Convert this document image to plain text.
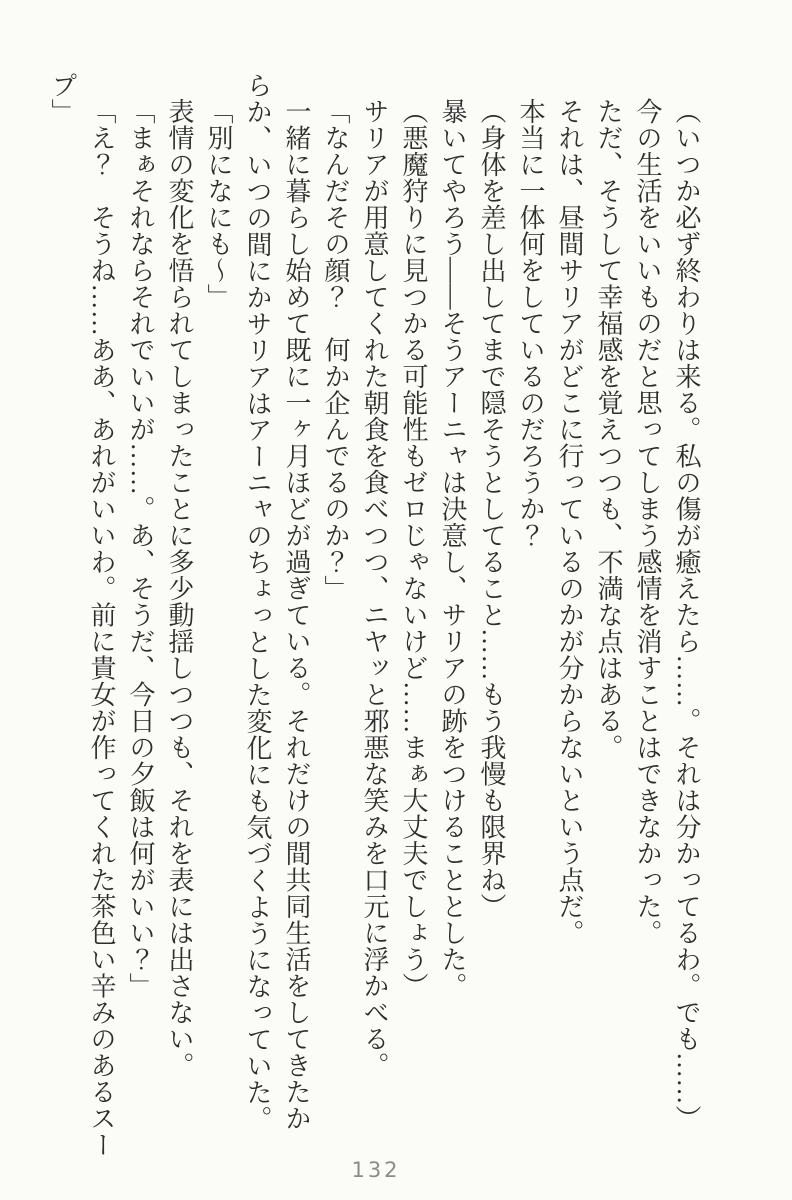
（いつか必ず終わりは来る。私の傷が癒えたら……。それは分かってるわ。でも……）
今の生活をいいものだと思ってしまう感情を消すことはできなかった。
ただ、そうして幸福感を覚えつつも、不満な点はある。
それは、昼間サリアがどこに行っているのかが分からないという点だ。
本当に一体何をしているのだろうか？
（身体を差し出してまで隠そうとしてること……もう我慢も限界ね）
暴いてやろう——そうアーニャは決意し、サリアの跡をつけることとした。
（悪魔狩りに見つかる可能性もゼロじゃないけど……まぁ大丈夫でしょう）
サリアが用意してくれた朝食を食べつつ、ニヤッと邪悪な笑みを口元に浮かべる。
「なんだその顔？　何か企んでるのか？」
一緒に暮らし始めて既に一ヶ月ほどが過ぎている。それだけの間共同生活をしてきたか
らか、いつの間にかサリアはアーニャのちょっとした変化にも気づくようになっていた。
「別になにも〜」
表情の変化を悟られてしまったことに多少動揺しつつも、それを表には出さない。
「まぁそれならそれでいいが……。あ、そうだ、今日の夕飯は何がいい？」
「え？　そうね……ああ、あれがいいわ。前に貴女が作ってくれた茶色い辛みのあるスー
プ」
132
